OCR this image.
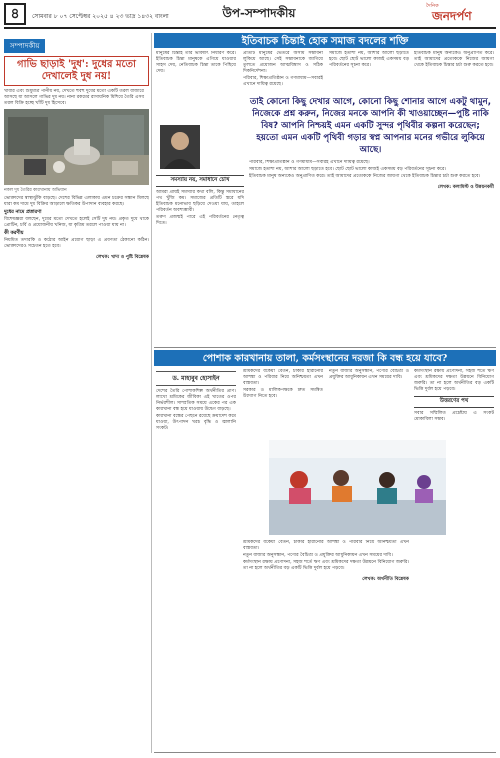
৪	সোমবার ৮ ০৭ সেপ্টেম্বর ২০২৫ ৪ ২৩ ভাদ্র ১৪৩২ বাংলা	উপ-সম্পাদকীয়	দৈনিক
জনদর্পণ
সম্পাদকীয়
গাভি ছাড়াই 'দুধ': দুধের মতো দেখালেই দুধ নয়!
খাবার এবং শুধুমাত্র পানীয় নয়, দেখতে হুবহু দুধের মতো একটি তরল বাজারে আসছে যা আসলে গাভির দুধ নয়। নানা রকমের রাসায়নিক মিশিয়ে তৈরি এসব তরল বিক্রি হচ্ছে খাঁটি দুধ হিসেবে।
নকল দুধ তৈরির কারখানায় অভিযান

ভোক্তাদের স্বাস্থ্যঝুঁকি বাড়ছে। দেশের বিভিন্ন এলাকায় এমন চক্রের সন্ধান মিলছে যারা কম দামে দুধ বিক্রির আড়ালে ক্ষতিকর উপাদান ব্যবহার করছে।

দুধের নামে প্রতারণা

বিশেষজ্ঞরা বলছেন, দুধের মতো দেখতে হলেই সেটি দুধ নয়। প্রকৃত দুধে থাকে প্রোটিন, চর্বি ও প্রয়োজনীয় খনিজ, যা কৃত্রিম তরলে পাওয়া যায় না।

কী করণীয়

নিয়মিত তদারকি ও কঠোর আইন প্রয়োগ ছাড়া এ প্রবণতা ঠেকানো কঠিন। ভোক্তাদেরও সচেতন হতে হবে।

লেখক: খাদ্য ও পুষ্টি বিশ্লেষক
ইতিবাচক চিন্তাই হোক সমাজ বদলের শক্তি

মানুষের চিন্তাই তার ভবিষ্যৎ নির্ধারণ করে। ইতিবাচক চিন্তা মানুষকে এগিয়ে যাওয়ার সাহস দেয়, নেতিবাচক চিন্তা তাকে পিছিয়ে দেয়।

প্রতিটি মানুষের ভেতরে অসীম সম্ভাবনা লুকিয়ে আছে। সেই সম্ভাবনাকে জাগিয়ে তুলতে প্রয়োজন আত্মবিশ্বাস ও সঠিক দিকনির্দেশনা।

পরিবার, শিক্ষাপ্রতিষ্ঠান ও গণমাধ্যম—সবারই এখানে দায়িত্ব রয়েছে।

সমাজে হতাশা নয়, আশার আলো ছড়াতে হবে। ছোট ছোট ভালো কাজই একসময় বড় পরিবর্তনের সূচনা করে।

ইতিবাচক মানুষ অন্যকেও অনুপ্রাণিত করে। তাই আমাদের প্রত্যেককে নিজের জায়গা থেকে ইতিবাচক চিন্তার চর্চা শুরু করতে হবে।

সমস্যায় নয়, সমাধানে চোখ

আমরা প্রায়ই সমস্যার কথা বলি, কিন্তু সমাধানের পথ খুঁজি কম। সমাজের প্রতিটি স্তরে যদি ইতিবাচক মনোভাব ছড়িয়ে দেওয়া যায়, তাহলে পরিবর্তন অবশ্যম্ভাবী।

তরুণ প্রজন্মই পারে এই পরিবর্তনের নেতৃত্ব দিতে।

তাই কোনো কিছু দেখার আগে, কোনো কিছু শোনার আগে একটু থামুন, নিজেকে প্রশ্ন করুন, নিজের মনকে আপনি কী খাওয়াচ্ছেন—পুষ্টি নাকি বিষ? আপনি নিশ্চয়ই এমন একটি সুন্দর পৃথিবীর কল্পনা করেছেন; হয়তো এমন একটি পৃথিবী গড়ার স্বপ্ন আপনার মনের গভীরে লুকিয়ে আছে।

পরিবার, শিক্ষাপ্রতিষ্ঠান ও গণমাধ্যম—সবারই এখানে দায়িত্ব রয়েছে।

সমাজে হতাশা নয়, আশার আলো ছড়াতে হবে। ছোট ছোট ভালো কাজই একসময় বড় পরিবর্তনের সূচনা করে।

ইতিবাচক মানুষ অন্যকেও অনুপ্রাণিত করে। তাই আমাদের প্রত্যেককে নিজের জায়গা থেকে ইতিবাচক চিন্তার চর্চা শুরু করতে হবে।

লেখক: কলামিস্ট ও উন্নয়নকর্মী
পোশাক কারখানায় তালা, কর্মসংস্থানের দরজা কি বন্ধ হয়ে যাবে?
ড. মাহাবুব হোসাইন

দেশের তৈরি পোশাকশিল্প অর্থনীতির প্রাণ। লাখো শ্রমিকের জীবিকা এই খাতের ওপর নির্ভরশীল। সাম্প্রতিক সময়ে একের পর এক কারখানা বন্ধ হয়ে যাওয়ায় উদ্বেগ বাড়ছে।

কারখানা বন্ধের পেছনে রয়েছে ক্রয়াদেশ কমে যাওয়া, উৎপাদন খরচ বৃদ্ধি ও জ্বালানি সংকট।

শ্রমিকদের বকেয়া বেতন, চাকরি হারানোর আশঙ্কা ও পরিবার নিয়ে অনিশ্চয়তা এখন বাস্তবতা।

সরকার ও মালিকপক্ষকে দ্রুত সমন্বিত উদ্যোগ নিতে হবে।

নতুন বাজার অনুসন্ধান, পণ্যের বৈচিত্র্য ও প্রযুক্তির আধুনিকায়ন এখন সময়ের দাবি।

কর্মসংস্থান রক্ষায় প্রণোদনা, সহজ শর্তে ঋণ এবং শ্রমিকদের দক্ষতা উন্নয়নে বিনিয়োগ জরুরি। তা না হলে অর্থনীতির বড় একটি ভিত্তি দুর্বল হয়ে পড়বে।

উত্তরণের পথ

সবার সম্মিলিত প্রচেষ্টায় এ সংকট মোকাবিলা সম্ভব।

শ্রমিকদের বকেয়া বেতন, চাকরি হারানোর আশঙ্কা ও পরিবার নিয়ে অনিশ্চয়তা এখন বাস্তবতা।

নতুন বাজার অনুসন্ধান, পণ্যের বৈচিত্র্য ও প্রযুক্তির আধুনিকায়ন এখন সময়ের দাবি।

কর্মসংস্থান রক্ষায় প্রণোদনা, সহজ শর্তে ঋণ এবং শ্রমিকদের দক্ষতা উন্নয়নে বিনিয়োগ জরুরি। তা না হলে অর্থনীতির বড় একটি ভিত্তি দুর্বল হয়ে পড়বে।

লেখক: অর্থনীতি বিশ্লেষক
